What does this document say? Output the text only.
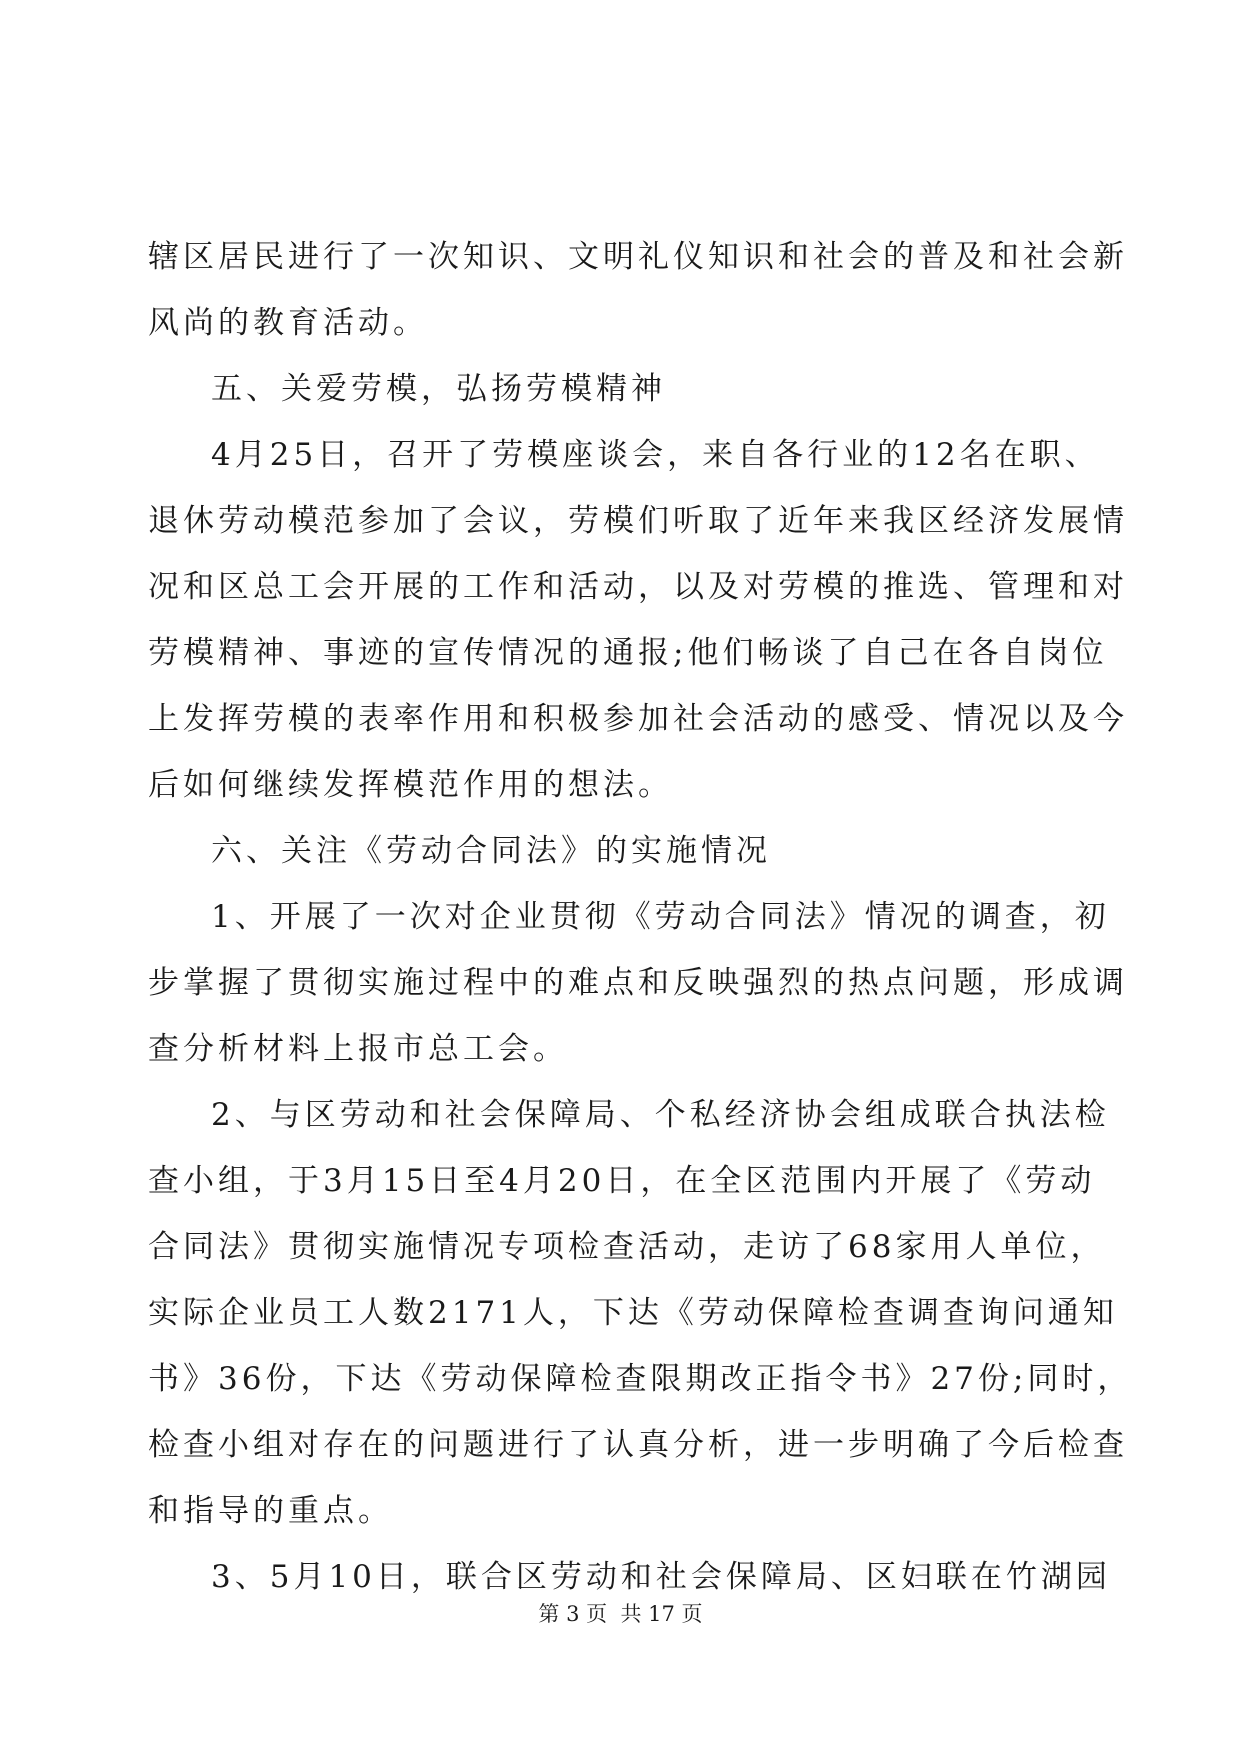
辖区居民进行了一次知识、文明礼仪知识和社会的普及和社会新
风尚的教育活动。
五、关爱劳模，弘扬劳模精神
4月25日，召开了劳模座谈会，来自各行业的12名在职、
退休劳动模范参加了会议，劳模们听取了近年来我区经济发展情
况和区总工会开展的工作和活动，以及对劳模的推选、管理和对
劳模精神、事迹的宣传情况的通报;他们畅谈了自己在各自岗位
上发挥劳模的表率作用和积极参加社会活动的感受、情况以及今
后如何继续发挥模范作用的想法。
六、关注《劳动合同法》的实施情况
1、开展了一次对企业贯彻《劳动合同法》情况的调查，初
步掌握了贯彻实施过程中的难点和反映强烈的热点问题，形成调
查分析材料上报市总工会。
2、与区劳动和社会保障局、个私经济协会组成联合执法检
查小组，于3月15日至4月20日，在全区范围内开展了《劳动
合同法》贯彻实施情况专项检查活动，走访了68家用人单位，
实际企业员工人数2171人，下达《劳动保障检查调查询问通知
书》36份，下达《劳动保障检查限期改正指令书》27份;同时，
检查小组对存在的问题进行了认真分析，进一步明确了今后检查
和指导的重点。
3、5月10日，联合区劳动和社会保障局、区妇联在竹湖园
第 3 页  共 17 页
